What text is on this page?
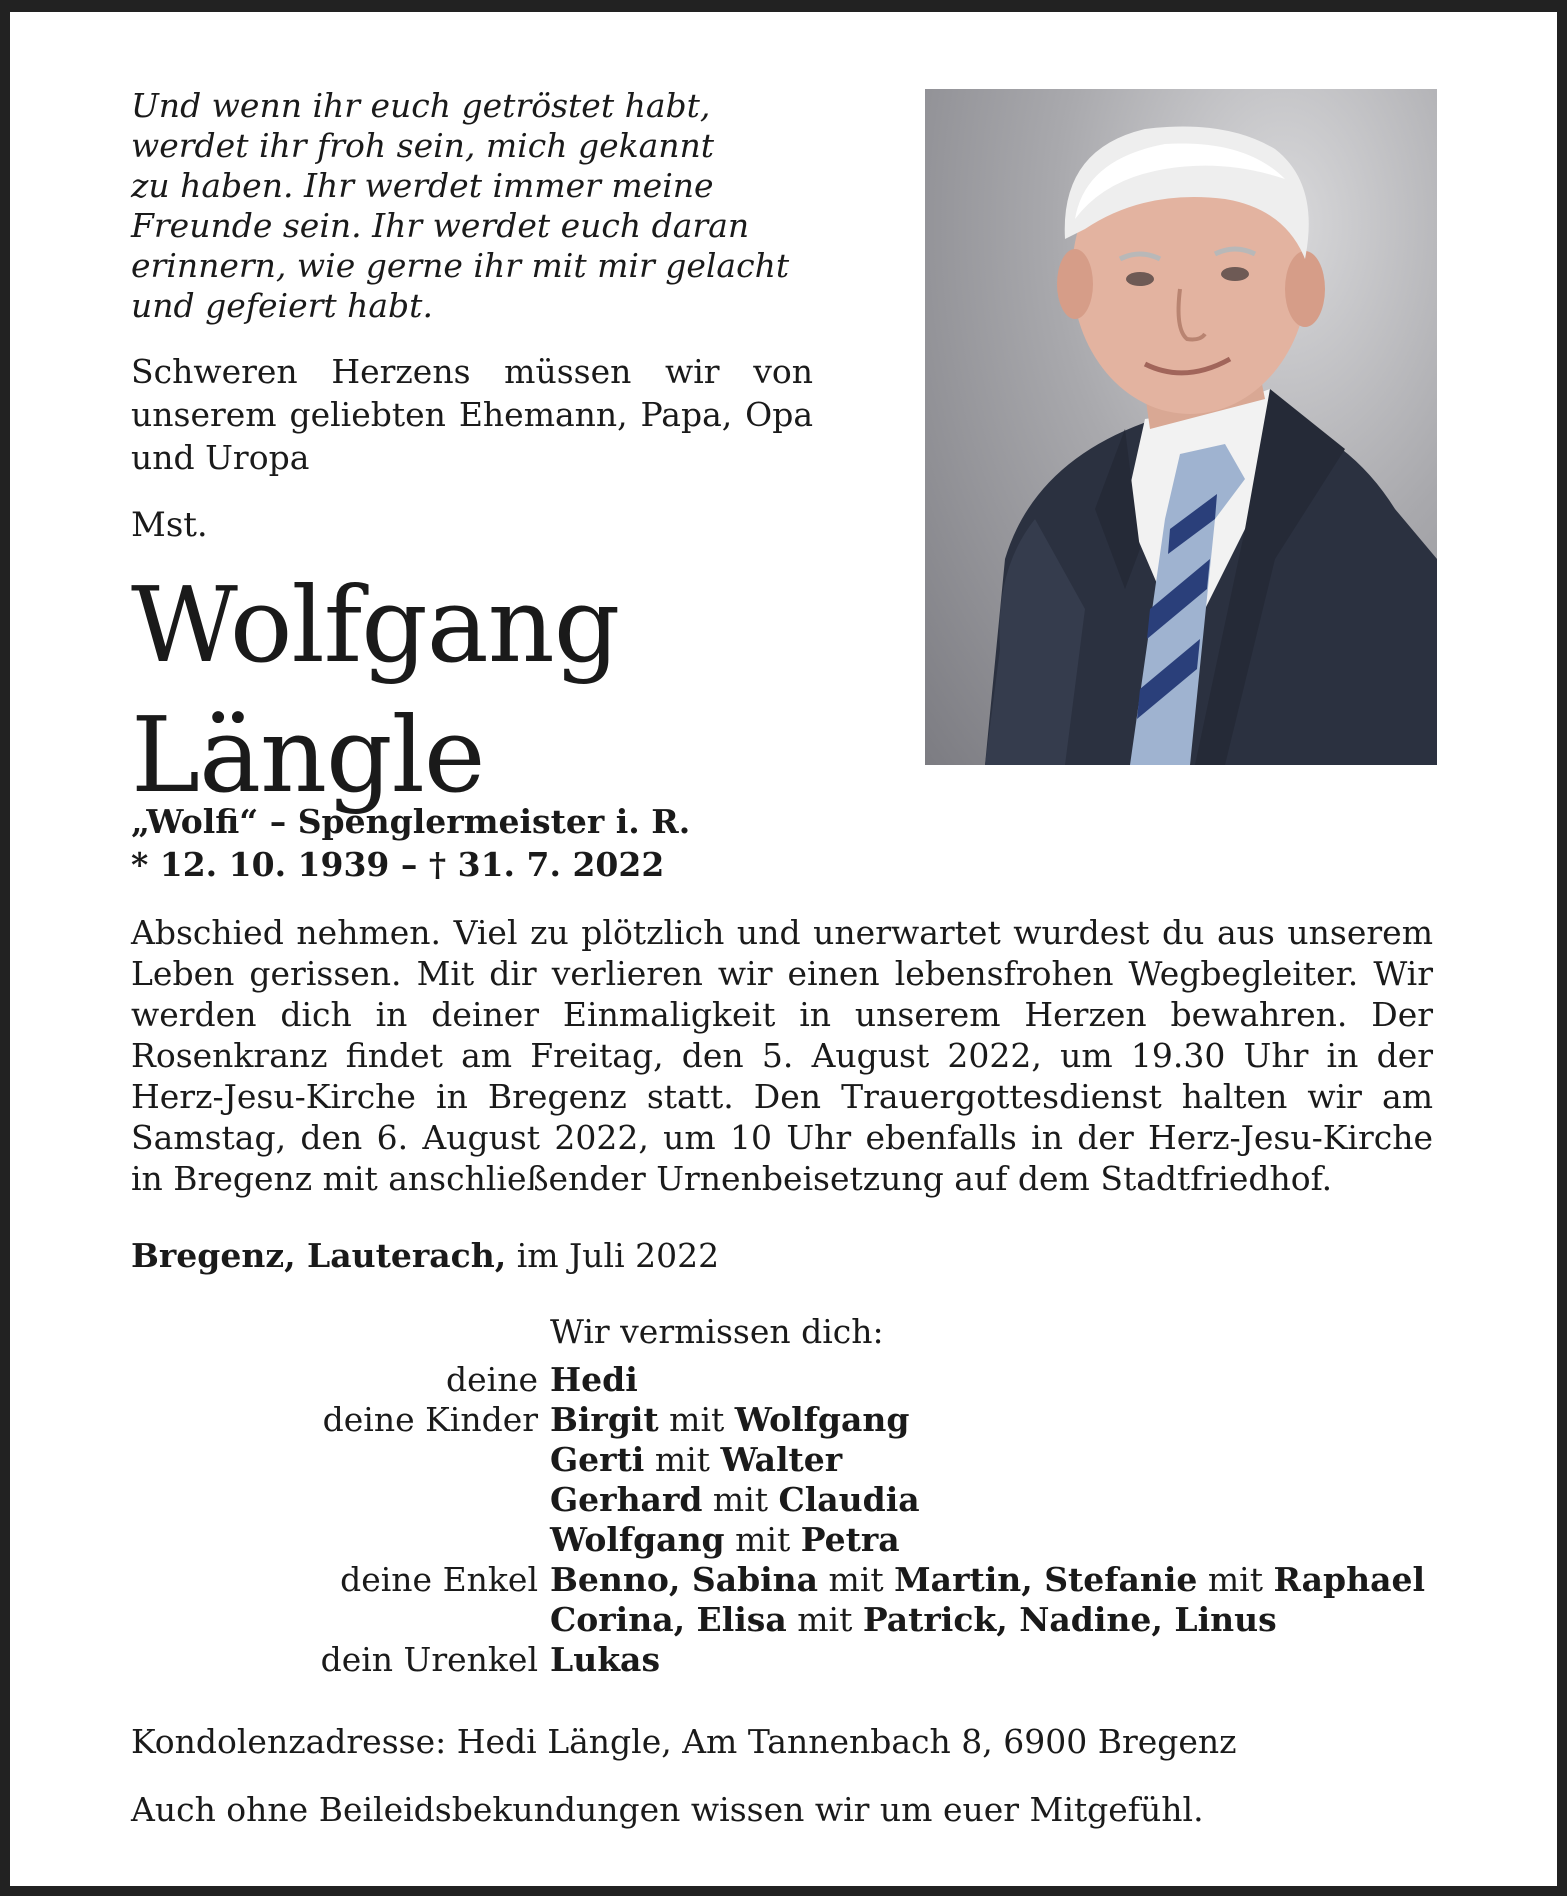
Und wenn ihr euch getröstet habt,
werdet ihr froh sein, mich gekannt
zu haben. Ihr werdet immer meine
Freunde sein. Ihr werdet euch daran
erinnern, wie gerne ihr mit mir gelacht
und gefeiert habt.
Schweren Herzens müssen wir von unserem geliebten Ehemann, Papa, Opa und Uropa
Mst.
Wolfgang
Längle
„Wolfi“ – Spenglermeister i. R.
* 12. 10. 1939 – † 31. 7. 2022
Abschied nehmen. Viel zu plötzlich und unerwartet wurdest du aus unserem Leben gerissen. Mit dir verlieren wir einen lebensfrohen Wegbegleiter. Wir werden dich in deiner Einmaligkeit in unserem Herzen bewahren. Der Rosenkranz findet am Freitag, den 5. August 2022, um 19.30 Uhr in der Herz-Jesu-Kirche in Bregenz statt. Den Trauergottesdienst halten wir am Samstag, den 6. August 2022, um 10 Uhr ebenfalls in der Herz-Jesu-Kirche in Bregenz mit anschließender Urnenbeisetzung auf dem Stadtfriedhof.
Bregenz, Lauterach, im Juli 2022
Wir vermissen dich:
deine Hedi
deine Kinder Birgit mit Wolfgang
Gerti mit Walter
Gerhard mit Claudia
Wolfgang mit Petra
deine Enkel Benno, Sabina mit Martin, Stefanie mit Raphael
Corina, Elisa mit Patrick, Nadine, Linus
dein Urenkel Lukas
Kondolenzadresse: Hedi Längle, Am Tannenbach 8, 6900 Bregenz
Auch ohne Beileidsbekundungen wissen wir um euer Mitgefühl.
